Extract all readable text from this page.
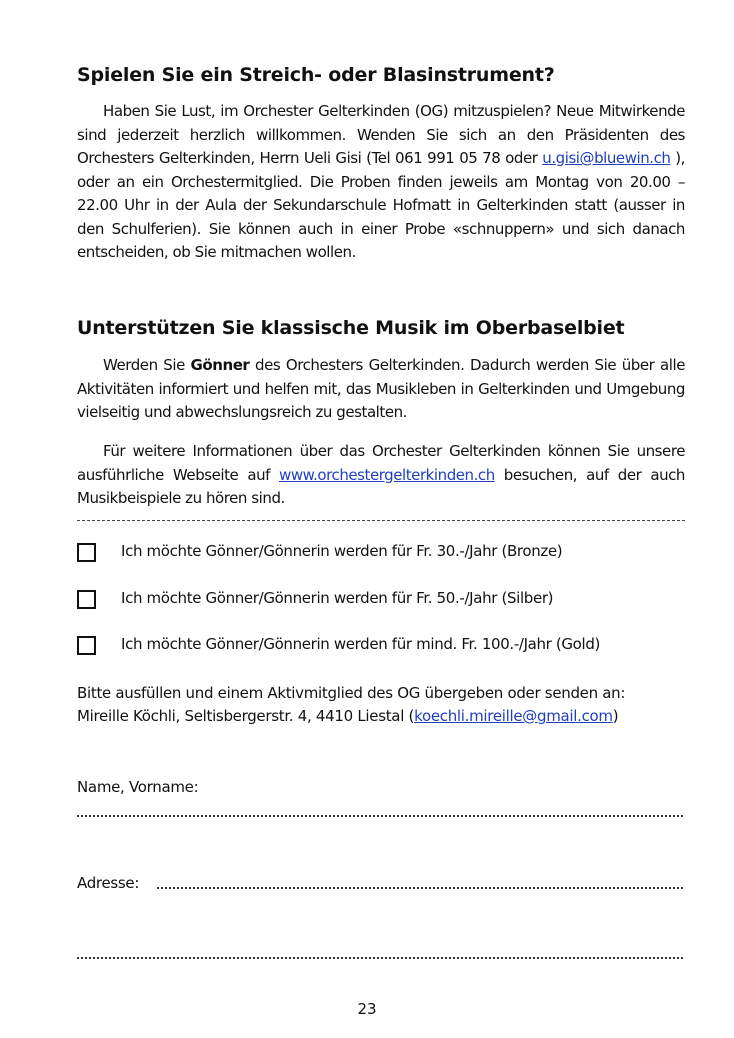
Spielen Sie ein Streich- oder Blasinstrument?
Haben Sie Lust, im Orchester Gelterkinden (OG) mitzuspielen? Neue Mitwirkende sind jederzeit herzlich willkommen. Wenden Sie sich an den Präsidenten des Orchesters Gelterkinden, Herrn Ueli Gisi (Tel 061 991 05 78 oder u.gisi@bluewin.ch ), oder an ein Orchestermitglied. Die Proben finden jeweils am Montag von 20.00 – 22.00 Uhr in der Aula der Sekundarschule Hofmatt in Gelterkinden statt (ausser in den Schulferien). Sie können auch in einer Probe «schnuppern» und sich danach entscheiden, ob Sie mitmachen wollen.
Unterstützen Sie klassische Musik im Oberbaselbiet
Werden Sie Gönner des Orchesters Gelterkinden. Dadurch werden Sie über alle Aktivitäten informiert und helfen mit, das Musikleben in Gelterkinden und Umgebung vielseitig und abwechslungsreich zu gestalten.
Für weitere Informationen über das Orchester Gelterkinden können Sie unsere ausführliche Webseite auf www.orchestergelterkinden.ch besuchen, auf der auch Musikbeispiele zu hören sind.
Ich möchte Gönner/Gönnerin werden für Fr. 30.-/Jahr (Bronze)
Ich möchte Gönner/Gönnerin werden für Fr. 50.-/Jahr (Silber)
Ich möchte Gönner/Gönnerin werden für mind. Fr. 100.-/Jahr (Gold)
Bitte ausfüllen und einem Aktivmitglied des OG übergeben oder senden an:
Mireille Köchli, Seltisbergerstr. 4, 4410 Liestal (koechli.mireille@gmail.com)
Name, Vorname:
Adresse:
23
